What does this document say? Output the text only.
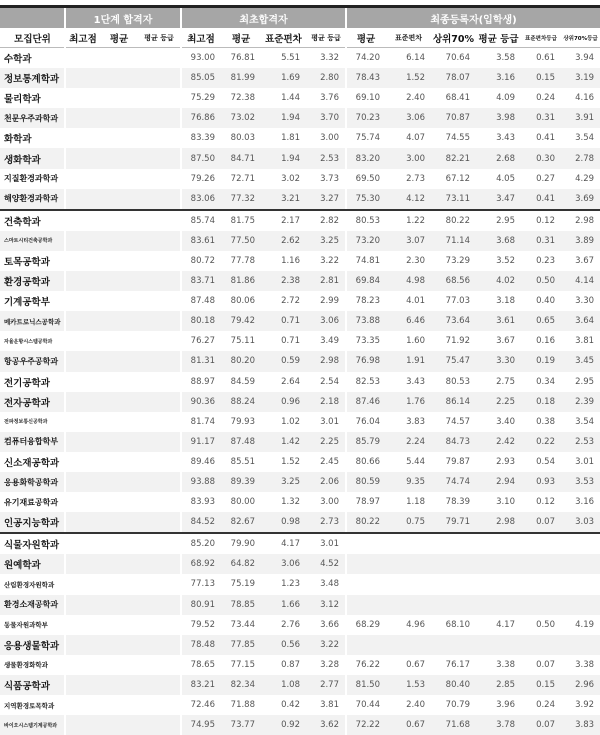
	1단계 합격자			최초합격자				최종등록자(입학생)					
모집단위	최고점	평균	평균 등급	최고점	평균	표준편차	평균 등급	평균	표준편차	상위70%	평균 등급	표준편차등급	상위70%등급
수학과				93.00	76.81	5.51	3.32	74.20	6.14	70.64	3.58	0.61	3.94
정보통계학과				85.05	81.99	1.69	2.80	78.43	1.52	78.07	3.16	0.15	3.19
물리학과				75.29	72.38	1.44	3.76	69.10	2.40	68.41	4.09	0.24	4.16
천문우주과학과				76.86	73.02	1.94	3.70	70.23	3.06	70.87	3.98	0.31	3.91
화학과				83.39	80.03	1.81	3.00	75.74	4.07	74.55	3.43	0.41	3.54
생화학과				87.50	84.71	1.94	2.53	83.20	3.00	82.21	2.68	0.30	2.78
지질환경과학과				79.26	72.71	3.02	3.73	69.50	2.73	67.12	4.05	0.27	4.29
해양환경과학과				83.06	77.32	3.21	3.27	75.30	4.12	73.11	3.47	0.41	3.69
건축학과				85.74	81.75	2.17	2.82	80.53	1.22	80.22	2.95	0.12	2.98
스마트시티건축공학과				83.61	77.50	2.62	3.25	73.20	3.07	71.14	3.68	0.31	3.89
토목공학과				80.72	77.78	1.16	3.22	74.81	2.30	73.29	3.52	0.23	3.67
환경공학과				83.71	81.86	2.38	2.81	69.84	4.98	68.56	4.02	0.50	4.14
기계공학부				87.48	80.06	2.72	2.99	78.23	4.01	77.03	3.18	0.40	3.30
메카트로닉스공학과				80.18	79.42	0.71	3.06	73.88	6.46	73.64	3.61	0.65	3.64
자율운항시스템공학과				76.27	75.11	0.71	3.49	73.35	1.60	71.92	3.67	0.16	3.81
항공우주공학과				81.31	80.20	0.59	2.98	76.98	1.91	75.47	3.30	0.19	3.45
전기공학과				88.97	84.59	2.64	2.54	82.53	3.43	80.53	2.75	0.34	2.95
전자공학과				90.36	88.24	0.96	2.18	87.46	1.76	86.14	2.25	0.18	2.39
전파정보통신공학과				81.74	79.93	1.02	3.01	76.04	3.83	74.57	3.40	0.38	3.54
컴퓨터융합학부				91.17	87.48	1.42	2.25	85.79	2.24	84.73	2.42	0.22	2.53
신소재공학과				89.46	85.51	1.52	2.45	80.66	5.44	79.87	2.93	0.54	3.01
응용화학공학과				93.88	89.39	3.25	2.06	80.59	9.35	74.74	2.94	0.93	3.53
유기재료공학과				83.93	80.00	1.32	3.00	78.97	1.18	78.39	3.10	0.12	3.16
인공지능학과				84.52	82.67	0.98	2.73	80.22	0.75	79.71	2.98	0.07	3.03
식물자원학과				85.20	79.90	4.17	3.01						
원예학과				68.92	64.82	3.06	4.52						
산림환경자원학과				77.13	75.19	1.23	3.48						
환경소재공학과				80.91	78.85	1.66	3.12						
동물자원과학부				79.52	73.44	2.76	3.66	68.29	4.96	68.10	4.17	0.50	4.19
응용생물학과				78.48	77.85	0.56	3.22						
생물환경화학과				78.65	77.15	0.87	3.28	76.22	0.67	76.17	3.38	0.07	3.38
식품공학과				83.21	82.34	1.08	2.77	81.50	1.53	80.40	2.85	0.15	2.96
지역환경토목학과				72.46	71.88	0.42	3.81	70.44	2.40	70.79	3.96	0.24	3.92
바이오시스템기계공학과				74.95	73.77	0.92	3.62	72.22	0.67	71.68	3.78	0.07	3.83
